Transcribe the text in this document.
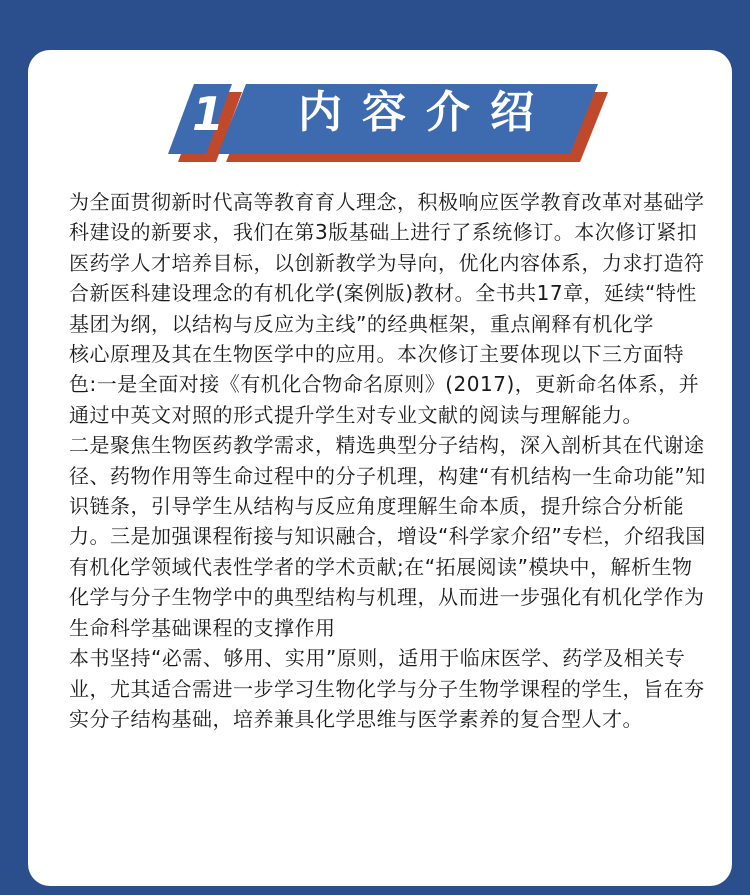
1	内容介绍

为全面贯彻新时代高等教育育人理念，积极响应医学教育改革对基础学科建设的新要求，我们在第3版基础上进行了系统修订。本次修订紧扣医药学人才培养目标，以创新教学为导向，优化内容体系，力求打造符合新医科建设理念的有机化学(案例版)教材。全书共17章，延续“特性基团为纲，以结构与反应为主线”的经典框架，重点阐释有机化学

核心原理及其在生物医学中的应用。本次修订主要体现以下三方面特色:一是全面对接《有机化合物命名原则》(2017)，更新命名体系，并通过中英文对照的形式提升学生对专业文献的阅读与理解能力。

二是聚焦生物医药教学需求，精选典型分子结构，深入剖析其在代谢途径、药物作用等生命过程中的分子机理，构建“有机结构一生命功能”知识链条，引导学生从结构与反应角度理解生命本质，提升综合分析能力。三是加强课程衔接与知识融合，增设“科学家介绍”专栏，介绍我国有机化学领域代表性学者的学术贡献;在“拓展阅读”模块中，解析生物化学与分子生物学中的典型结构与机理，从而进一步强化有机化学作为生命科学基础课程的支撑作用

本书坚持“必需、够用、实用”原则，适用于临床医学、药学及相关专业，尤其适合需进一步学习生物化学与分子生物学课程的学生，旨在夯实分子结构基础，培养兼具化学思维与医学素养的复合型人才。
